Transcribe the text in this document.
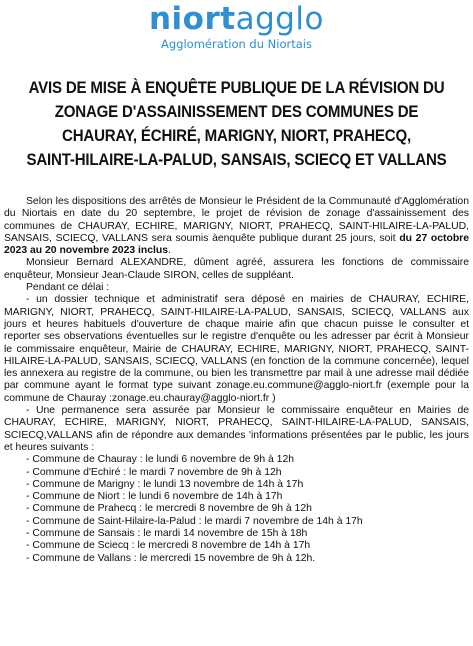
niortagglo
Agglomération du Niortais
AVIS DE MISE À ENQUÊTE PUBLIQUE DE LA RÉVISION DU
ZONAGE D'ASSAINISSEMENT DES COMMUNES DE
CHAURAY, ÉCHIRÉ, MARIGNY, NIORT, PRAHECQ,
SAINT-HILAIRE-LA-PALUD, SANSAIS, SCIECQ ET VALLANS

Selon les dispositions des arrêtés de Monsieur le Président de la Communauté d'Agglomération du Niortais en date du 20 septembre, le projet de révision de zonage d'assainissement des communes de CHAURAY, ECHIRE, MARIGNY, NIORT, PRAHECQ, SAINT-HILAIRE-LA-PALUD, SANSAIS, SCIECQ, VALLANS sera soumis àenquête publique durant 25 jours, soit du 27 octobre 2023 au 20 novembre 2023 inclus.

Monsieur Bernard ALEXANDRE, dûment agréé, assurera les fonctions de commissaire enquêteur, Monsieur Jean-Claude SIRON, celles de suppléant.

Pendant ce délai :

- un dossier technique et administratif sera déposé en mairies de CHAURAY, ECHIRE, MARIGNY, NIORT, PRAHECQ, SAINT-HILAIRE-LA-PALUD, SANSAIS, SCIECQ, VALLANS aux jours et heures habituels d'ouverture de chaque mairie afin que chacun puisse le consulter et reporter ses observations éventuelles sur le registre d'enquête ou les adresser par écrit à Monsieur le commissaire enquêteur, Mairie de CHAURAY, ECHIRE, MARIGNY, NIORT, PRAHECQ, SAINT-HILAIRE-LA-PALUD, SANSAIS, SCIECQ, VALLANS (en fonction de la commune concernée), lequel les annexera au registre de la commune, ou bien les transmettre par mail à une adresse mail dédiée par commune ayant le format type suivant zonage.eu.commune@agglo-niort.fr (exemple pour la commune de Chauray :zonage.eu.chauray@agglo-niort.fr )

- Une permanence sera assurée par Monsieur le commissaire enquêteur en Mairies de CHAURAY, ECHIRE, MARIGNY, NIORT, PRAHECQ, SAINT-HILAIRE-LA-PALUD, SANSAIS, SCIECQ,VALLANS afin de répondre aux demandes 'informations présentées par le public, les jours et heures suivants :

- Commune de Chauray : le lundi 6 novembre de 9h à 12h
- Commune d'Echiré : le mardi 7 novembre de 9h à 12h
- Commune de Marigny : le lundi 13 novembre de 14h à 17h
- Commune de Niort : le lundi 6 novembre de 14h à 17h
- Commune de Prahecq : le mercredi 8 novembre de 9h à 12h
- Commune de Saint-Hilaire-la-Palud : le mardi 7 novembre de 14h à 17h
- Commune de Sansais : le mardi 14 novembre de 15h à 18h
- Commune de Sciecq : le mercredi 8 novembre de 14h à 17h
- Commune de Vallans : le mercredi 15 novembre de 9h à 12h.
